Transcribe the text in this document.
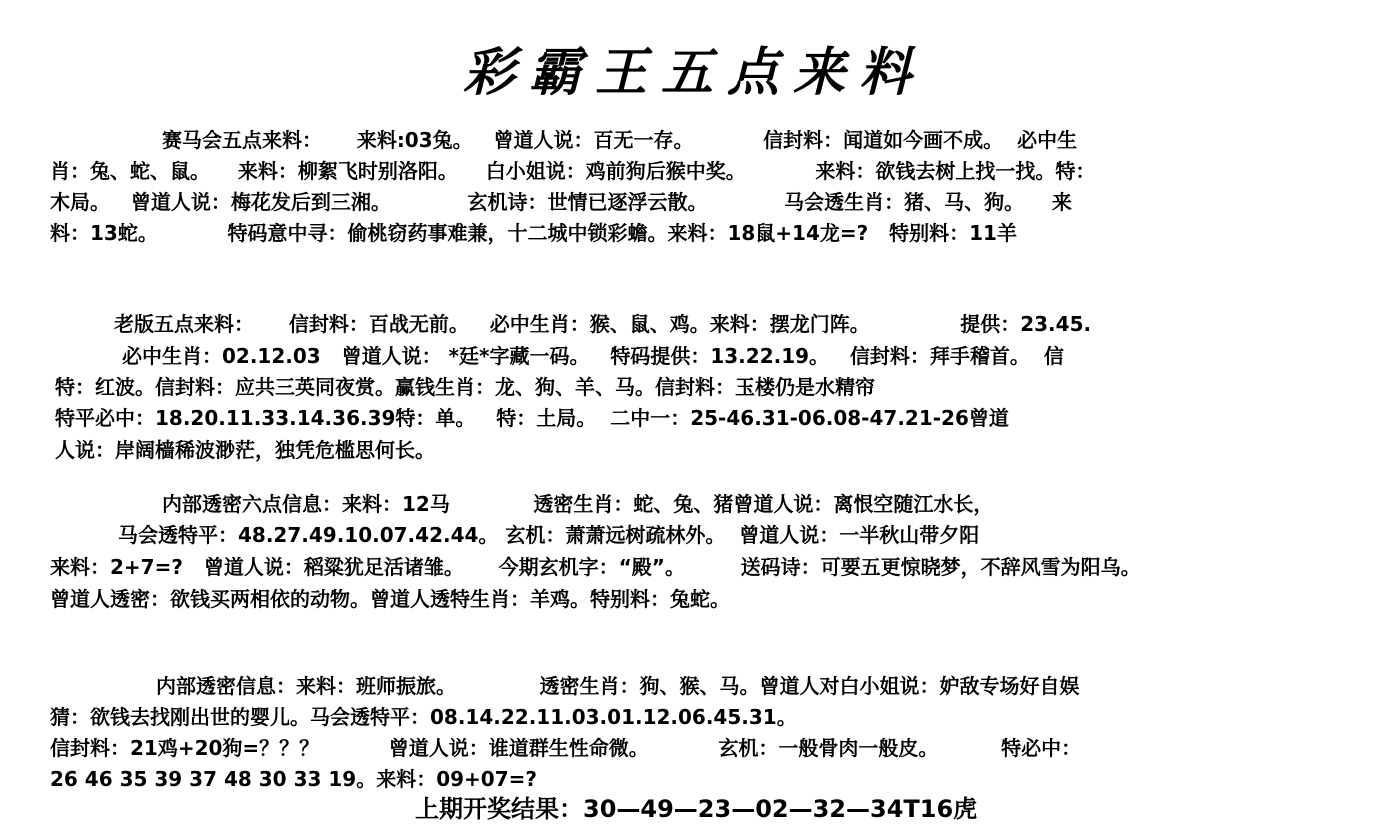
彩霸王五点来料
赛马会五点来料：     来料:03兔。   曾道人说：百无一存。          信封料：闻道如今画不成。  必中生
肖：兔、蛇、鼠。    来料：柳絮飞时别洛阳。    白小姐说：鸡前狗后猴中奖。          来料：欲钱去树上找一找。特：
木局。   曾道人说：梅花发后到三湘。           玄机诗：世情已逐浮云散。           马会透生肖：猪、马、狗。    来
料：13蛇。          特码意中寻：偷桃窃药事难兼，十二城中锁彩蟾。来料：18鼠+14龙=?   特别料：11羊
老版五点来料：     信封料：百战无前。   必中生肖：猴、鼠、鸡。来料：摆龙门阵。             提供：23.45.
必中生肖：02.12.03   曾道人说： *廷*字藏一码。   特码提供：13.22.19。   信封料：拜手稽首。  信
特：红波。信封料：应共三英同夜赏。赢钱生肖：龙、狗、羊、马。信封料：玉楼仍是水精帘
特平必中：18.20.11.33.14.36.39特：单。   特：土局。  二中一：25-46.31-06.08-47.21-26曾道
人说：岸阔樯稀波渺茫，独凭危槛思何长。
内部透密六点信息：来料：12马            透密生肖：蛇、兔、猪曾道人说：离恨空随江水长，
马会透特平：48.27.49.10.07.42.44。 玄机：萧萧远树疏林外。  曾道人说：一半秋山带夕阳
来料：2+7=?   曾道人说：稻粱犹足活诸雏。     今期玄机字：“殿”。        送码诗：可要五更惊晓梦，不辞风雪为阳乌。
曾道人透密：欲钱买两相依的动物。曾道人透特生肖：羊鸡。特别料：兔蛇。
内部透密信息：来料：班师振旅。            透密生肖：狗、猴、马。曾道人对白小姐说：妒敌专场好自娱
猜：欲钱去找刚出世的婴儿。马会透特平：08.14.22.11.03.01.12.06.45.31。
信封料：21鸡+20狗=？？？          曾道人说：谁道群生性命微。          玄机：一般骨肉一般皮。         特必中：
26 46 35 39 37 48 30 33 19。来料：09+07=?
上期开奖结果：30—49—23—02—32—34T16虎
